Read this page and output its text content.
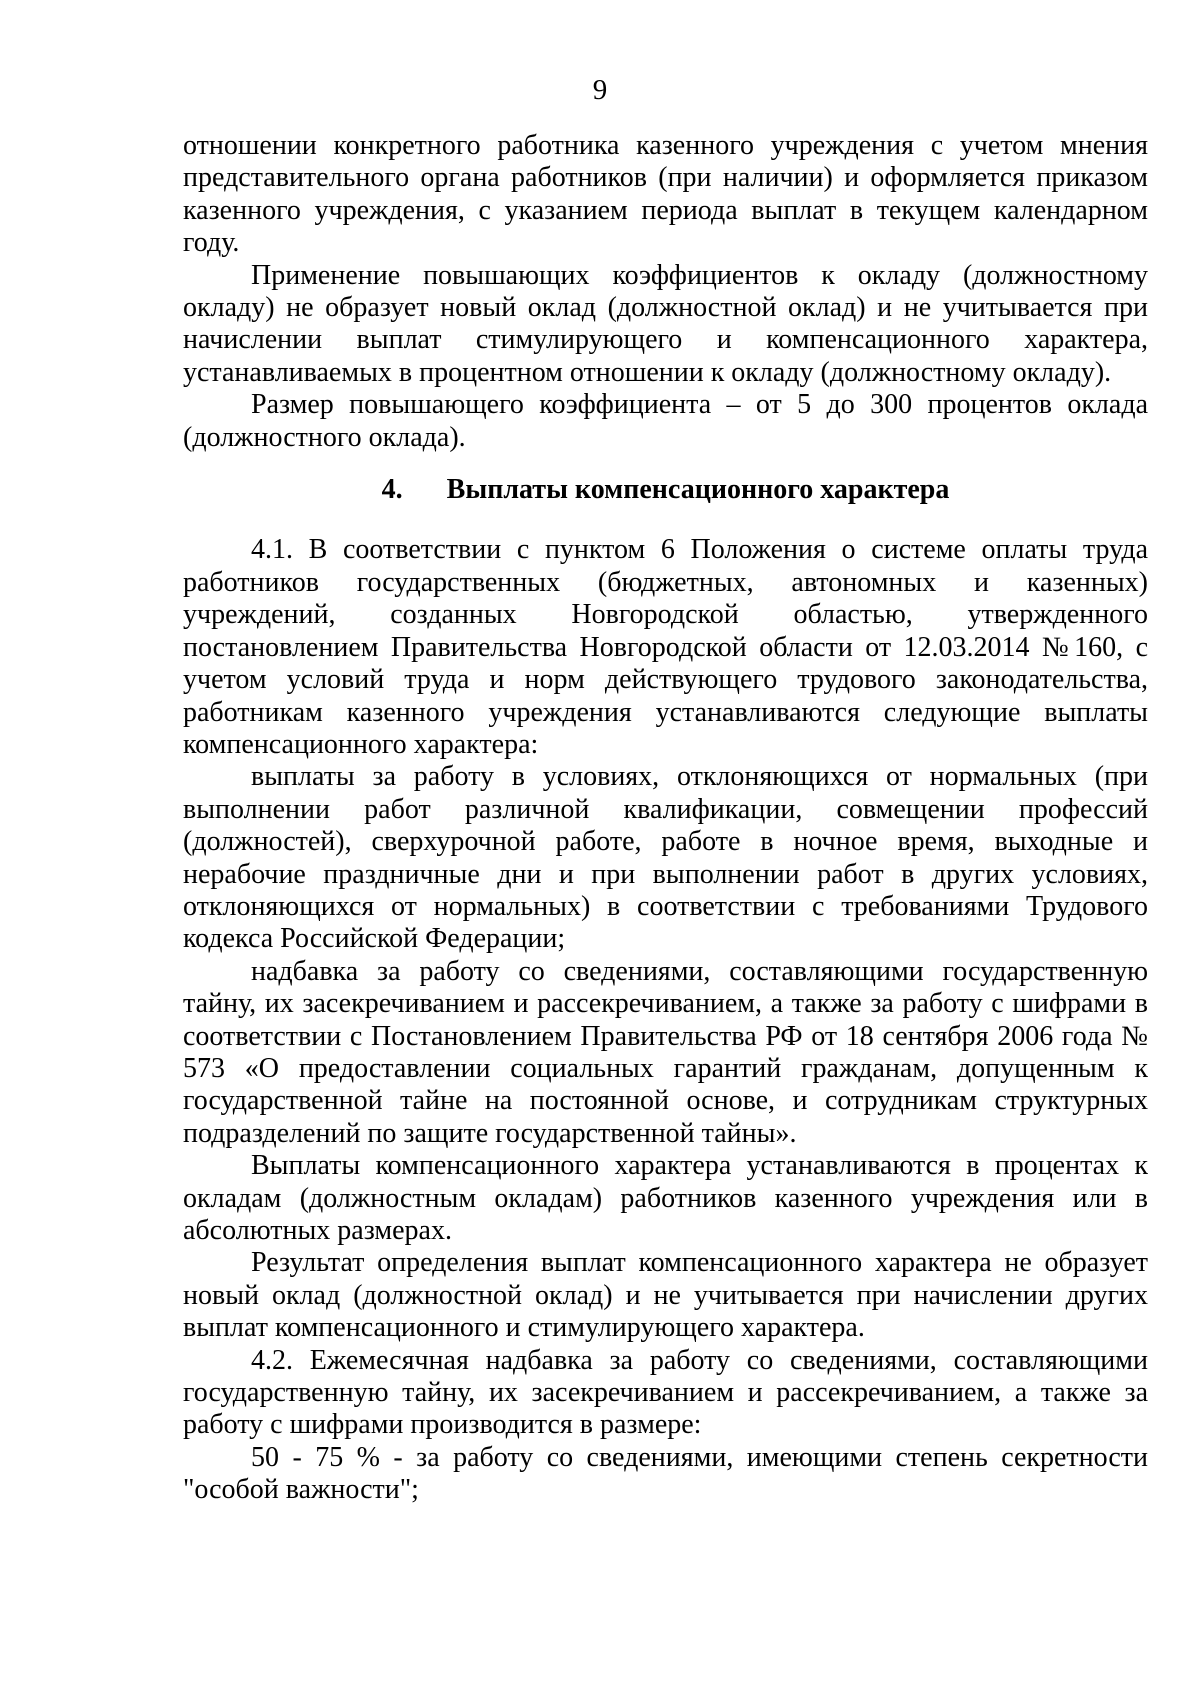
9

отношении конкретного работника казенного учреждения с учетом мнения представительного органа работников (при наличии) и оформляется приказом казенного учреждения, с указанием периода выплат в текущем календарном году.

Применение повышающих коэффициентов к окладу (должностному окладу) не образует новый оклад (должностной оклад) и не учитывается при начислении выплат стимулирующего и компенсационного характера, устанавливаемых в процентном отношении к окладу (должностному окладу).

Размер повышающего коэффициента – от 5 до 300 процентов оклада (должностного оклада).

4. Выплаты компенсационного характера

4.1. В соответствии с пунктом 6 Положения о системе оплаты труда работников государственных (бюджетных, автономных и казенных) учреждений, созданных Новгородской областью, утвержденного постановлением Правительства Новгородской области от 12.03.2014 №160, с учетом условий труда и норм действующего трудового законодательства, работникам казенного учреждения устанавливаются следующие выплаты компенсационного характера:

выплаты за работу в условиях, отклоняющихся от нормальных (при выполнении работ различной квалификации, совмещении профессий (должностей), сверхурочной работе, работе в ночное время, выходные и нерабочие праздничные дни и при выполнении работ в других условиях, отклоняющихся от нормальных) в соответствии с требованиями Трудового кодекса Российской Федерации;

надбавка за работу со сведениями, составляющими государственную тайну, их засекречиванием и рассекречиванием, а также за работу с шифрами в соответствии с Постановлением Правительства РФ от 18 сентября 2006 года № 573 «О предоставлении социальных гарантий гражданам, допущенным к государственной тайне на постоянной основе, и сотрудникам структурных подразделений по защите государственной тайны».

Выплаты компенсационного характера устанавливаются в процентах к окладам (должностным окладам) работников казенного учреждения или в абсолютных размерах.

Результат определения выплат компенсационного характера не образует новый оклад (должностной оклад) и не учитывается при начислении других выплат компенсационного и стимулирующего характера.

4.2. Ежемесячная надбавка за работу со сведениями, составляющими государственную тайну, их засекречиванием и рассекречиванием, а также за работу с шифрами производится в размере:

50 - 75 % - за работу со сведениями, имеющими степень секретности "особой важности";
